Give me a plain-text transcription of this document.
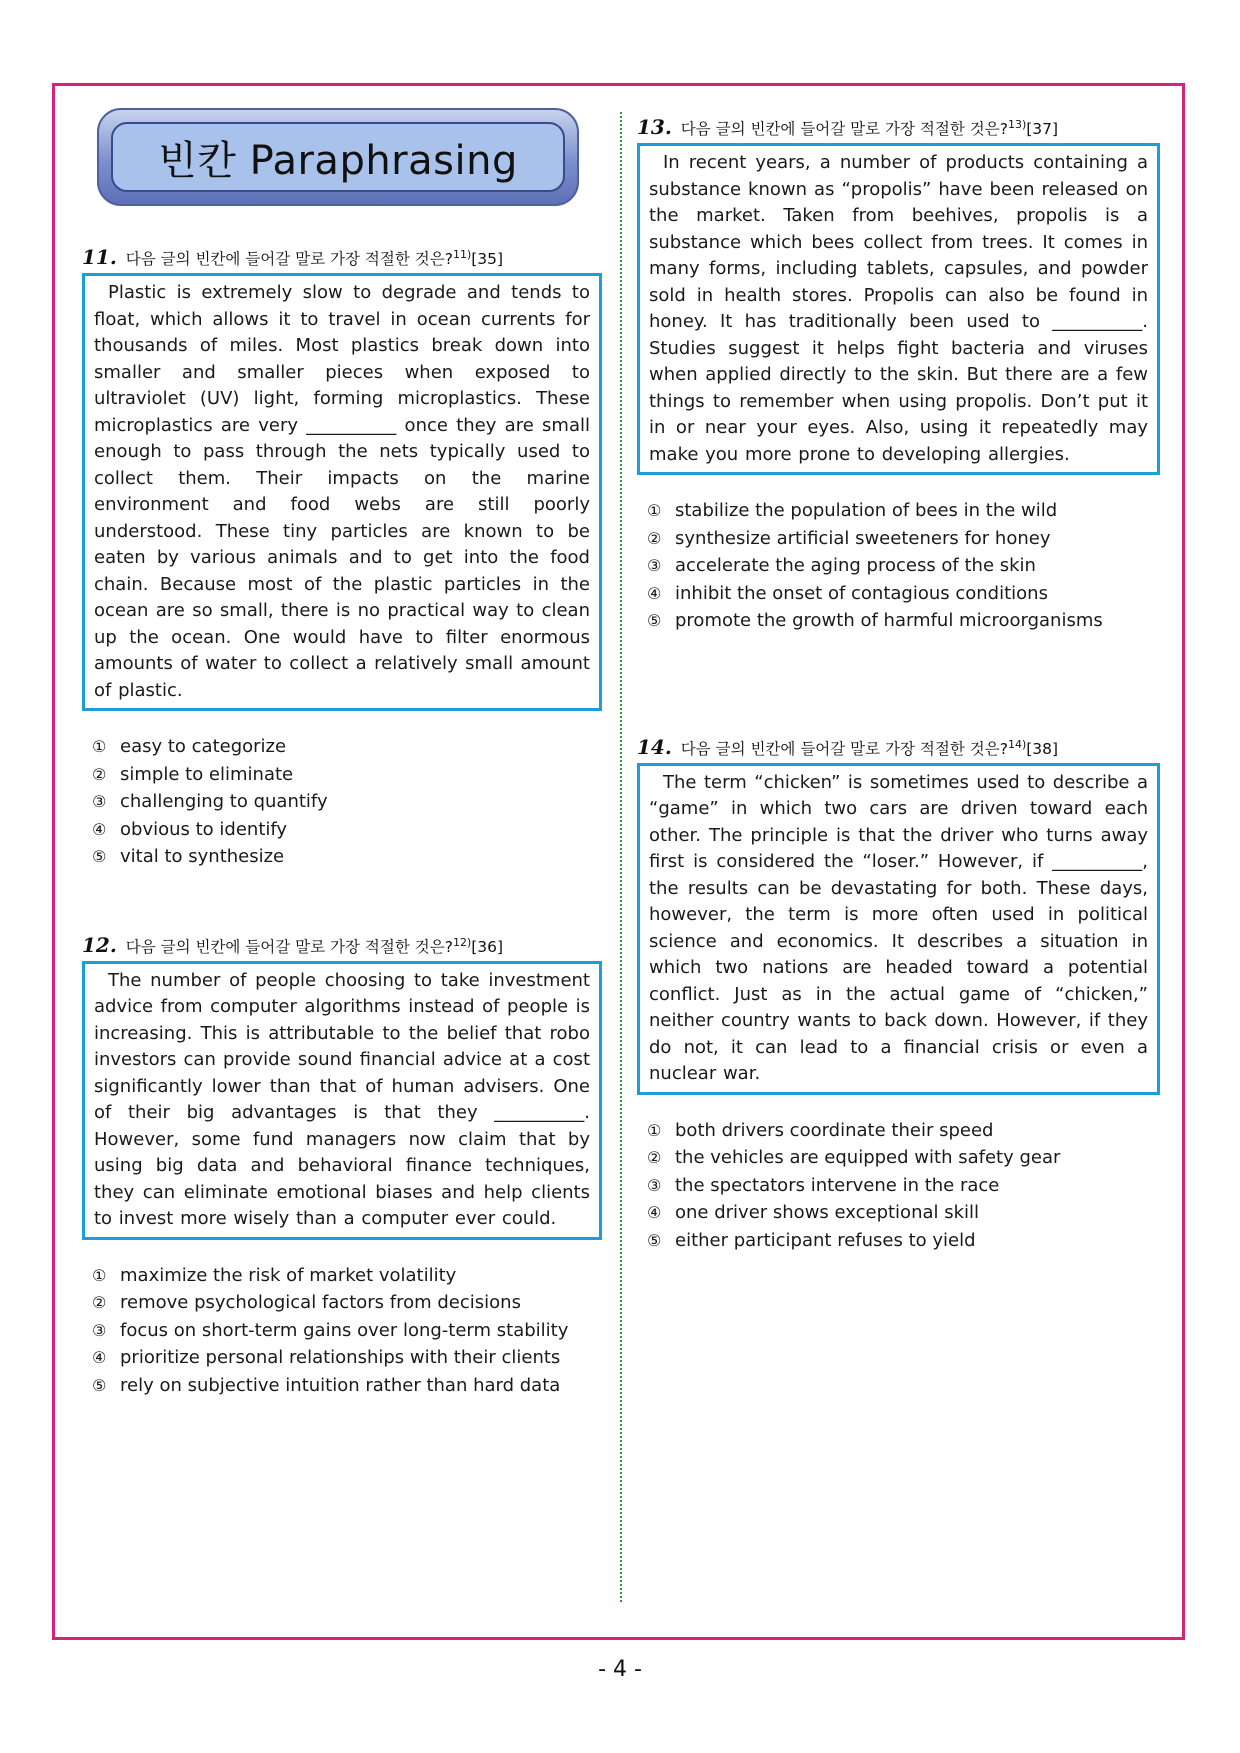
빈칸 Paraphrasing
11. 다음 글의 빈칸에 들어갈 말로 가장 적절한 것은?$^{11)}$[35]

Plastic is extremely slow to degrade and tends to float, which allows it to travel in ocean currents for thousands of miles. Most plastics break down into smaller and smaller pieces when exposed to ultraviolet (UV) light, forming microplastics. These microplastics are very __________ once they are small enough to pass through the nets typically used to collect them. Their impacts on the marine environment and food webs are still poorly understood. These tiny particles are known to be eaten by various animals and to get into the food chain. Because most of the plastic particles in the ocean are so small, there is no practical way to clean up the ocean. One would have to filter enormous amounts of water to collect a relatively small amount of plastic.

① easy to categorize
② simple to eliminate
③ challenging to quantify
④ obvious to identify
⑤ vital to synthesize
12. 다음 글의 빈칸에 들어갈 말로 가장 적절한 것은?$^{12)}$[36]

The number of people choosing to take investment advice from computer algorithms instead of people is increasing. This is attributable to the belief that robo investors can provide sound financial advice at a cost significantly lower than that of human advisers. One of their big advantages is that they __________. However, some fund managers now claim that by using big data and behavioral finance techniques, they can eliminate emotional biases and help clients to invest more wisely than a computer ever could.

① maximize the risk of market volatility
② remove psychological factors from decisions
③ focus on short-term gains over long-term stability
④ prioritize personal relationships with their clients
⑤ rely on subjective intuition rather than hard data
13. 다음 글의 빈칸에 들어갈 말로 가장 적절한 것은?$^{13)}$[37]

In recent years, a number of products containing a substance known as “propolis” have been released on the market. Taken from beehives, propolis is a substance which bees collect from trees. It comes in many forms, including tablets, capsules, and powder sold in health stores. Propolis can also be found in honey. It has traditionally been used to __________. Studies suggest it helps fight bacteria and viruses when applied directly to the skin. But there are a few things to remember when using propolis. Don’t put it in or near your eyes. Also, using it repeatedly may make you more prone to developing allergies.

① stabilize the population of bees in the wild
② synthesize artificial sweeteners for honey
③ accelerate the aging process of the skin
④ inhibit the onset of contagious conditions
⑤ promote the growth of harmful microorganisms
14. 다음 글의 빈칸에 들어갈 말로 가장 적절한 것은?$^{14)}$[38]

The term “chicken” is sometimes used to describe a “game” in which two cars are driven toward each other. The principle is that the driver who turns away first is considered the “loser.” However, if __________, the results can be devastating for both. These days, however, the term is more often used in political science and economics. It describes a situation in which two nations are headed toward a potential conflict. Just as in the actual game of “chicken,” neither country wants to back down. However, if they do not, it can lead to a financial crisis or even a nuclear war.

① both drivers coordinate their speed
② the vehicles are equipped with safety gear
③ the spectators intervene in the race
④ one driver shows exceptional skill
⑤ either participant refuses to yield
- 4 -
